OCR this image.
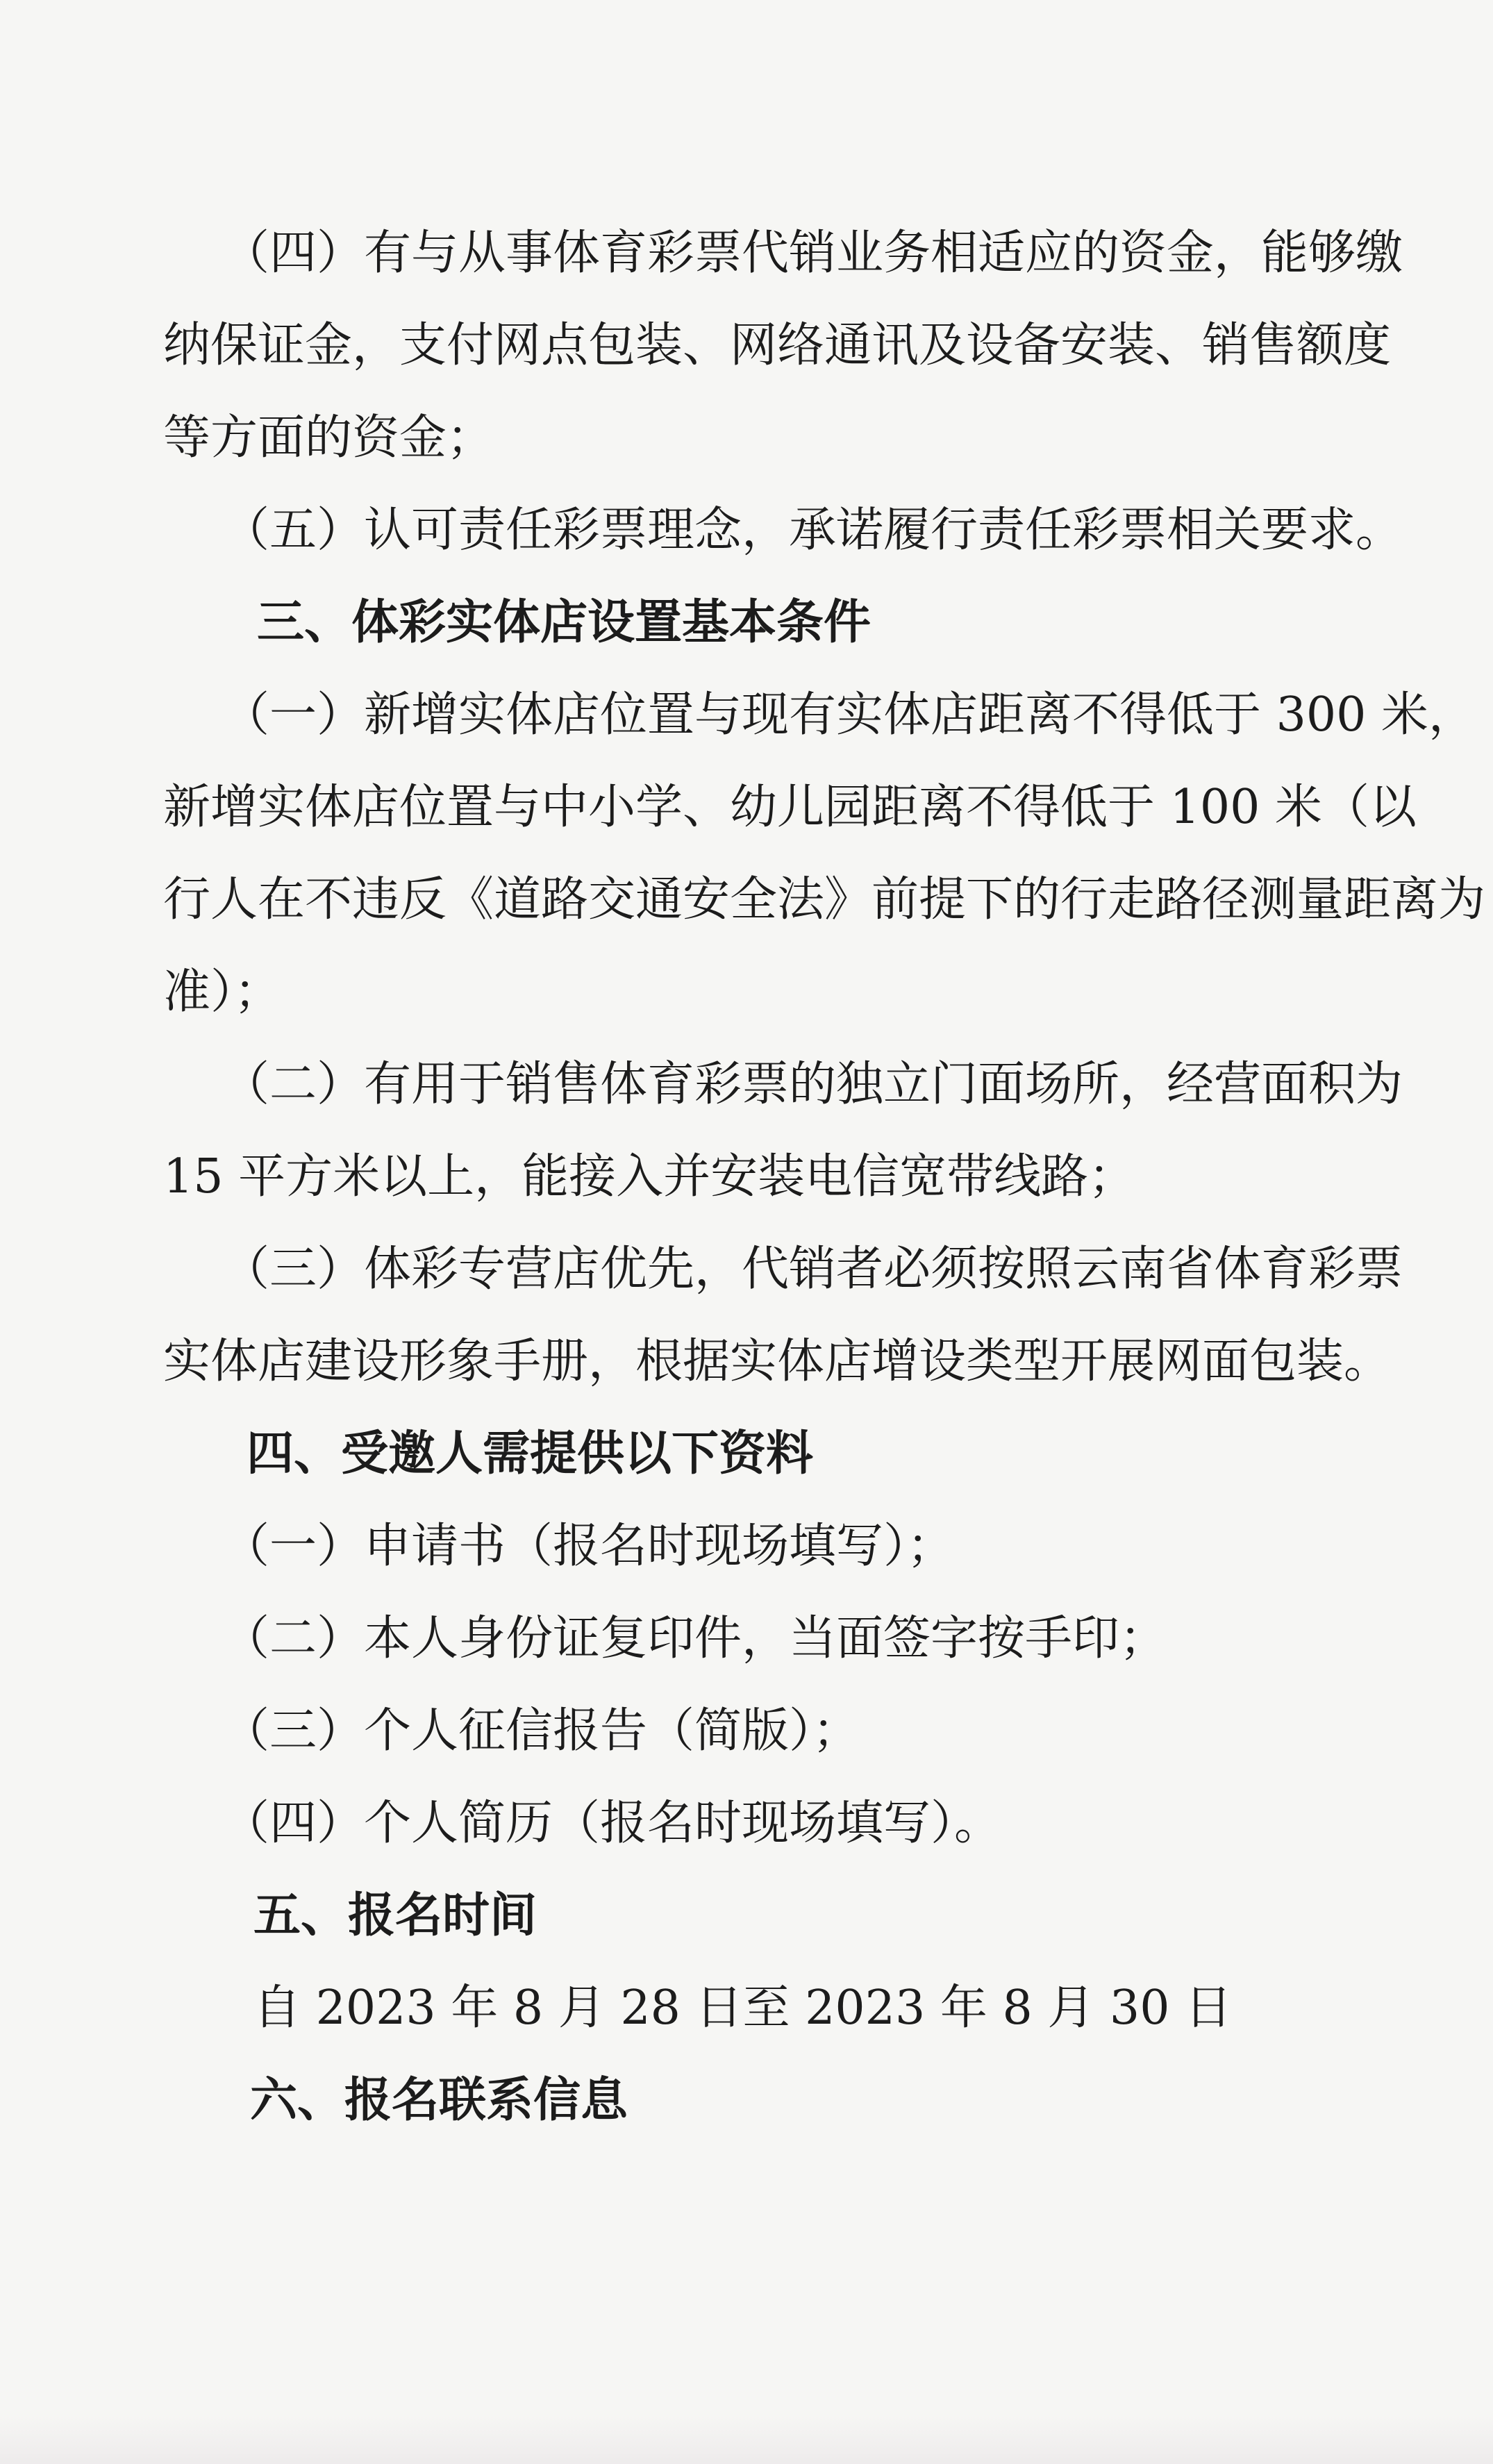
（四）有与从事体育彩票代销业务相适应的资金，能够缴

纳保证金，支付网点包装、网络通讯及设备安装、销售额度

等方面的资金；

（五）认可责任彩票理念，承诺履行责任彩票相关要求。

三、体彩实体店设置基本条件

（一）新增实体店位置与现有实体店距离不得低于 300 米，

新增实体店位置与中小学、幼儿园距离不得低于 100 米（以

行人在不违反《道路交通安全法》前提下的行走路径测量距离为

准）；

（二）有用于销售体育彩票的独立门面场所，经营面积为

15 平方米以上，能接入并安装电信宽带线路；

（三）体彩专营店优先，代销者必须按照云南省体育彩票

实体店建设形象手册，根据实体店增设类型开展网面包装。

四、受邀人需提供以下资料

（一）申请书（报名时现场填写）；

（二）本人身份证复印件，当面签字按手印；

（三）个人征信报告（简版）；

（四）个人简历（报名时现场填写）。

五、报名时间

自 2023 年 8 月 28 日至 2023 年 8 月 30 日

六、报名联系信息
